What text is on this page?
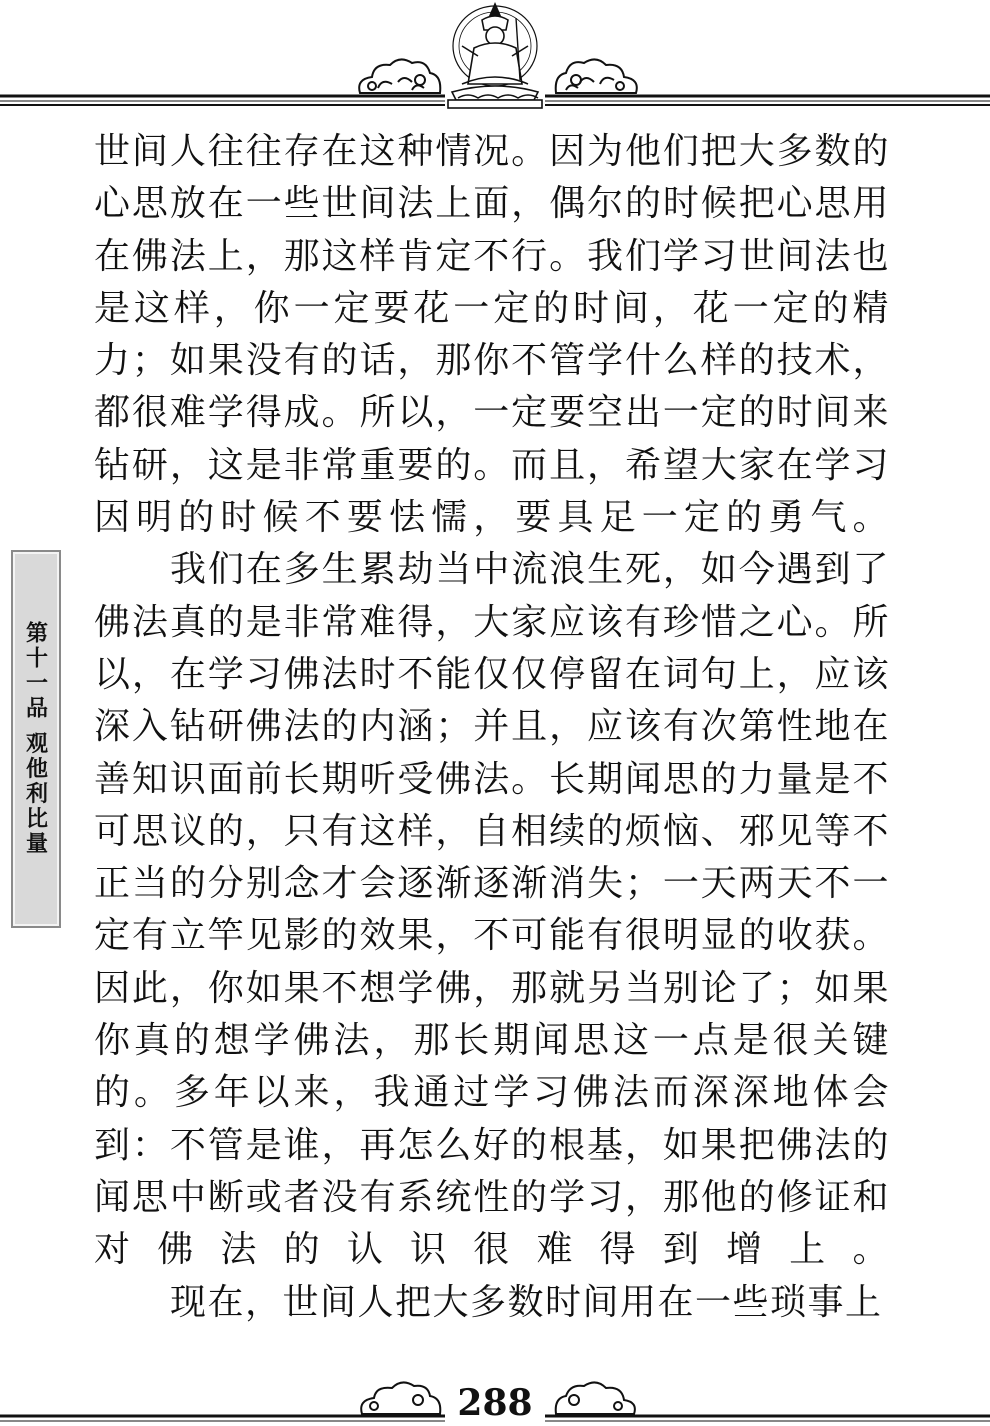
世间人往往存在这种情况。因为他们把大多数的心思放在一些世间法上面，偶尔的时候把心思用在佛法上，那这样肯定不行。我们学习世间法也是这样，你一定要花一定的时间，花一定的精力；如果没有的话，那你不管学什么样的技术，都很难学得成。所以，一定要空出一定的时间来钻研，这是非常重要的。而且，希望大家在学习因明的时候不要怯懦，要具足一定的勇气。

我们在多生累劫当中流浪生死，如今遇到了佛法真的是非常难得，大家应该有珍惜之心。所以，在学习佛法时不能仅仅停留在词句上，应该深入钻研佛法的内涵；并且，应该有次第性地在善知识面前长期听受佛法。长期闻思的力量是不可思议的，只有这样，自相续的烦恼、邪见等不正当的分别念才会逐渐逐渐消失；一天两天不一定有立竿见影的效果，不可能有很明显的收获。因此，你如果不想学佛，那就另当别论了；如果你真的想学佛法，那长期闻思这一点是很关键的。多年以来，我通过学习佛法而深深地体会到：不管是谁，再怎么好的根基，如果把佛法的闻思中断或者没有系统性的学习，那他的修证和对佛法的认识很难得到增上。

现在，世间人把大多数时间用在一些琐事上

第十一品 观他利比量
288
